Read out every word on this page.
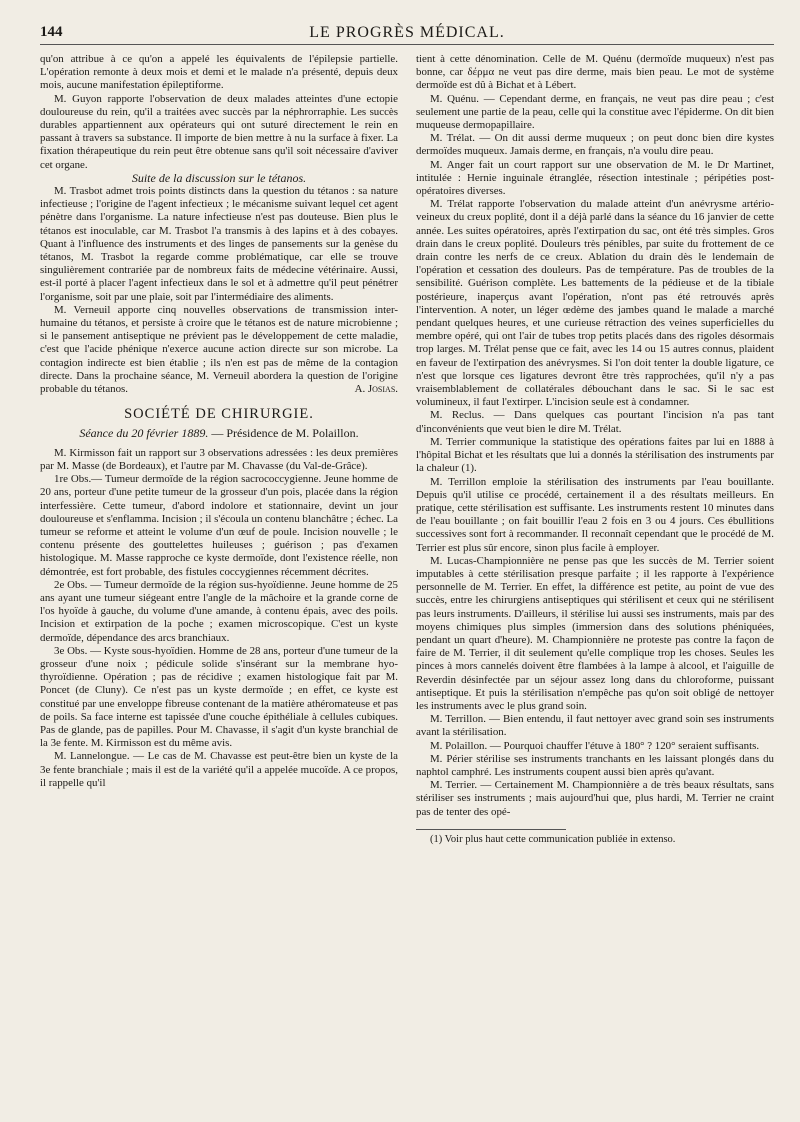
144	LE PROGRÈS MÉDICAL.

qu'on attribue à ce qu'on a appelé les équivalents de l'épilepsie partielle. L'opération remonte à deux mois et demi et le malade n'a présenté, depuis deux mois, aucune manifestation épileptiforme.

M. Guyon rapporte l'observation de deux malades atteintes d'une ectopie douloureuse du rein, qu'il a traitées avec succès par la néphrorraphie. Les succès durables appartiennent aux opérateurs qui ont suturé directement le rein en passant à travers sa substance. Il importe de bien mettre à nu la surface à fixer. La fixation thérapeutique du rein peut être obtenue sans qu'il soit nécessaire d'aviver cet organe.

Suite de la discussion sur le tétanos.

M. Trasbot admet trois points distincts dans la question du tétanos : sa nature infectieuse ; l'origine de l'agent infectieux ; le mécanisme suivant lequel cet agent pénètre dans l'organisme. La nature infectieuse n'est pas douteuse. Bien plus le tétanos est inoculable, car M. Trasbot l'a transmis à des lapins et à des cobayes. Quant à l'influence des instruments et des linges de pansements sur la genèse du tétanos, M. Trasbot la regarde comme problématique, car elle se trouve singulièrement contrariée par de nombreux faits de médecine vétérinaire. Aussi, est-il porté à placer l'agent infectieux dans le sol et à admettre qu'il peut pénétrer l'organisme, soit par une plaie, soit par l'intermédiaire des aliments.

M. Verneuil apporte cinq nouvelles observations de transmission inter-humaine du tétanos, et persiste à croire que le tétanos est de nature microbienne ; si le pansement antiseptique ne prévient pas le développement de cette maladie, c'est que l'acide phénique n'exerce aucune action directe sur son microbe. La contagion indirecte est bien établie ; ils n'en est pas de même de la contagion directe. Dans la prochaine séance, M. Verneuil abordera la question de l'origine probable du tétanos.	A. Josias.

SOCIÉTÉ DE CHIRURGIE.
Séance du 20 février 1889. — Présidence de M. Polaillon.

M. Kirmisson fait un rapport sur 3 observations adressées : les deux premières par M. Masse (de Bordeaux), et l'autre par M. Chavasse (du Val-de-Grâce).

1re Obs.— Tumeur dermoïde de la région sacrococcygienne. Jeune homme de 20 ans, porteur d'une petite tumeur de la grosseur d'un pois, placée dans la région interfessière. Cette tumeur, d'abord indolore et stationnaire, devint un jour douloureuse et s'enflamma. Incision ; il s'écoula un contenu blanchâtre ; échec. La tumeur se reforme et atteint le volume d'un œuf de poule. Incision nouvelle ; le contenu présente des gouttelettes huileuses ; guérison ; pas d'examen histologique. M. Masse rapproche ce kyste dermoïde, dont l'existence réelle, non démontrée, est fort probable, des fistules coccygiennes récemment décrites.

2e Obs. — Tumeur dermoïde de la région sus-hyoïdienne. Jeune homme de 25 ans ayant une tumeur siégeant entre l'angle de la mâchoire et la grande corne de l'os hyoïde à gauche, du volume d'une amande, à contenu épais, avec des poils. Incision et extirpation de la poche ; examen microscopique. C'est un kyste dermoïde, dépendance des arcs branchiaux.

3e Obs. — Kyste sous-hyoïdien. Homme de 28 ans, porteur d'une tumeur de la grosseur d'une noix ; pédicule solide s'insérant sur la membrane hyo-thyroïdienne. Opération ; pas de récidive ; examen histologique fait par M. Poncet (de Cluny). Ce n'est pas un kyste dermoïde ; en effet, ce kyste est constitué par une enveloppe fibreuse contenant de la matière athéromateuse et pas de poils. Sa face interne est tapissée d'une couche épithéliale à cellules cubiques. Pas de glande, pas de papilles. Pour M. Chavasse, il s'agit d'un kyste branchial de la 3e fente. M. Kirmisson est du même avis.

M. Lannelongue. — Le cas de M. Chavasse est peut-être bien un kyste de la 3e fente branchiale ; mais il est de la variété qu'il a appelée mucoïde. A ce propos, il rappelle qu'il

tient à cette dénomination. Celle de M. Quénu (dermoïde muqueux) n'est pas bonne, car δέρμα ne veut pas dire derme, mais bien peau. Le mot de système dermoïde est dû à Bichat et à Lébert.

M. Quénu. — Cependant derme, en français, ne veut pas dire peau ; c'est seulement une partie de la peau, celle qui la constitue avec l'épiderme. On dit bien muqueuse dermopapillaire.

M. Trélat. — On dit aussi derme muqueux ; on peut donc bien dire kystes dermoïdes muqueux. Jamais derme, en français, n'a voulu dire peau.

M. Anger fait un court rapport sur une observation de M. le Dr Martinet, intitulée : Hernie inguinale étranglée, résection intestinale ; péripéties post-opératoires diverses.

M. Trélat rapporte l'observation du malade atteint d'un anévrysme artério-veineux du creux poplité, dont il a déjà parlé dans la séance du 16 janvier de cette année. Les suites opératoires, après l'extirpation du sac, ont été très simples. Gros drain dans le creux poplité. Douleurs très pénibles, par suite du frottement de ce drain contre les nerfs de ce creux. Ablation du drain dès le lendemain de l'opération et cessation des douleurs. Pas de température. Pas de troubles de la sensibilité. Guérison complète. Les battements de la pédieuse et de la tibiale postérieure, inaperçus avant l'opération, n'ont pas été retrouvés après l'intervention. A noter, un léger œdème des jambes quand le malade a marché pendant quelques heures, et une curieuse rétraction des veines superficielles du membre opéré, qui ont l'air de tubes trop petits placés dans des rigoles désormais trop larges. M. Trélat pense que ce fait, avec les 14 ou 15 autres connus, plaident en faveur de l'extirpation des anévrysmes. Si l'on doit tenter la double ligature, ce n'est que lorsque ces ligatures devront être très rapprochées, qu'il n'y a pas vraisemblablement de collatérales débouchant dans le sac. Si le sac est volumineux, il faut l'extirper. L'incision seule est à condamner.

M. Reclus. — Dans quelques cas pourtant l'incision n'a pas tant d'inconvénients que veut bien le dire M. Trélat.

M. Terrier communique la statistique des opérations faites par lui en 1888 à l'hôpital Bichat et les résultats que lui a donnés la stérilisation des instruments par la chaleur (1).

M. Terrillon emploie la stérilisation des instruments par l'eau bouillante. Depuis qu'il utilise ce procédé, certainement il a des résultats meilleurs. En pratique, cette stérilisation est suffisante. Les instruments restent 10 minutes dans de l'eau bouillante ; on fait bouillir l'eau 2 fois en 3 ou 4 jours. Ces ébullitions successives sont fort à recommander. Il reconnaît cependant que le procédé de M. Terrier est plus sûr encore, sinon plus facile à employer.

M. Lucas-Championnière ne pense pas que les succès de M. Terrier soient imputables à cette stérilisation presque parfaite ; il les rapporte à l'expérience personnelle de M. Terrier. En effet, la différence est petite, au point de vue des succès, entre les chirurgiens antiseptiques qui stérilisent et ceux qui ne stérilisent pas leurs instruments. D'ailleurs, il stérilise lui aussi ses instruments, mais par des moyens chimiques plus simples (immersion dans des solutions phéniquées, pendant un quart d'heure). M. Championnière ne proteste pas contre la façon de faire de M. Terrier, il dit seulement qu'elle complique trop les choses. Seules les pinces à mors cannelés doivent être flambées à la lampe à alcool, et l'aiguille de Reverdin désinfectée par un séjour assez long dans du chloroforme, puissant antiseptique. Et puis la stérilisation n'empêche pas qu'on soit obligé de nettoyer les instruments avec le plus grand soin.

M. Terrillon. — Bien entendu, il faut nettoyer avec grand soin ses instruments avant la stérilisation.

M. Polaillon. — Pourquoi chauffer l'étuve à 180° ? 120° seraient suffisants.

M. Périer stérilise ses instruments tranchants en les laissant plongés dans du naphtol camphré. Les instruments coupent aussi bien après qu'avant.

M. Terrier. — Certainement M. Championnière a de très beaux résultats, sans stériliser ses instruments ; mais aujourd'hui que, plus hardi, M. Terrier ne craint pas de tenter des opé-

(1) Voir plus haut cette communication publiée in extenso.
